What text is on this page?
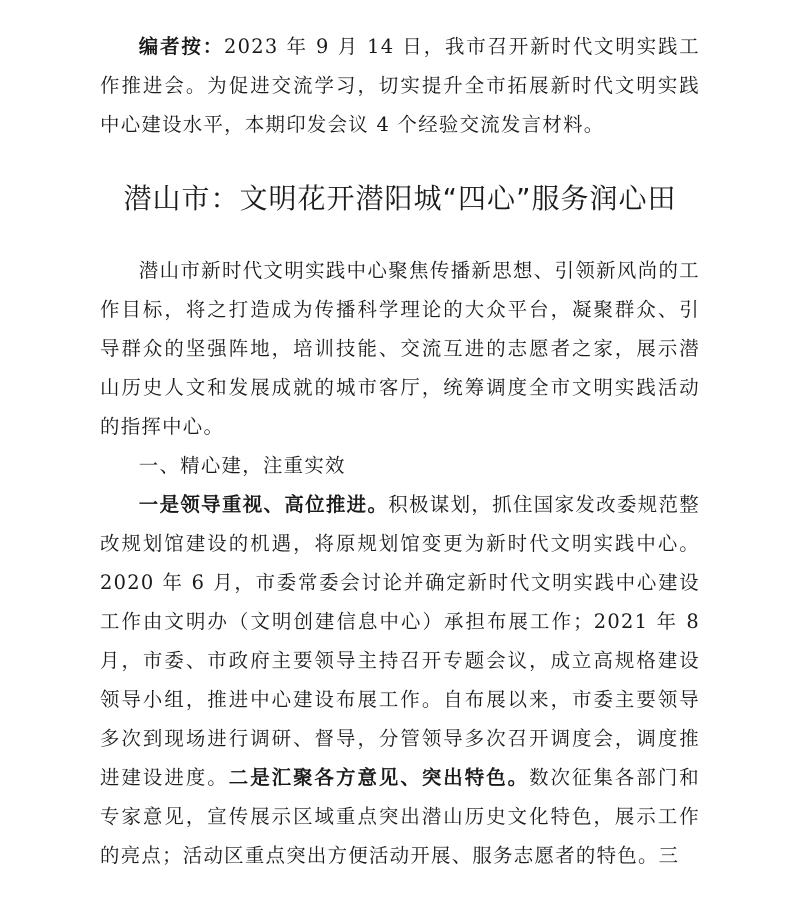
编者按：2023 年 9 月 14 日，我市召开新时代文明实践工作推进会。为促进交流学习，切实提升全市拓展新时代文明实践中心建设水平，本期印发会议 4 个经验交流发言材料。

潜山市：文明花开潜阳城“四心”服务润心田

潜山市新时代文明实践中心聚焦传播新思想、引领新风尚的工作目标，将之打造成为传播科学理论的大众平台，凝聚群众、引导群众的坚强阵地，培训技能、交流互进的志愿者之家，展示潜山历史人文和发展成就的城市客厅，统筹调度全市文明实践活动的指挥中心。

一、精心建，注重实效

一是领导重视、高位推进。积极谋划，抓住国家发改委规范整改规划馆建设的机遇，将原规划馆变更为新时代文明实践中心。2020 年 6 月，市委常委会讨论并确定新时代文明实践中心建设工作由文明办（文明创建信息中心）承担布展工作；2021 年 8 月，市委、市政府主要领导主持召开专题会议，成立高规格建设领导小组，推进中心建设布展工作。自布展以来，市委主要领导多次到现场进行调研、督导，分管领导多次召开调度会，调度推进建设进度。二是汇聚各方意见、突出特色。数次征集各部门和专家意见，宣传展示区域重点突出潜山历史文化特色，展示工作的亮点；活动区重点突出方便活动开展、服务志愿者的特色。三
